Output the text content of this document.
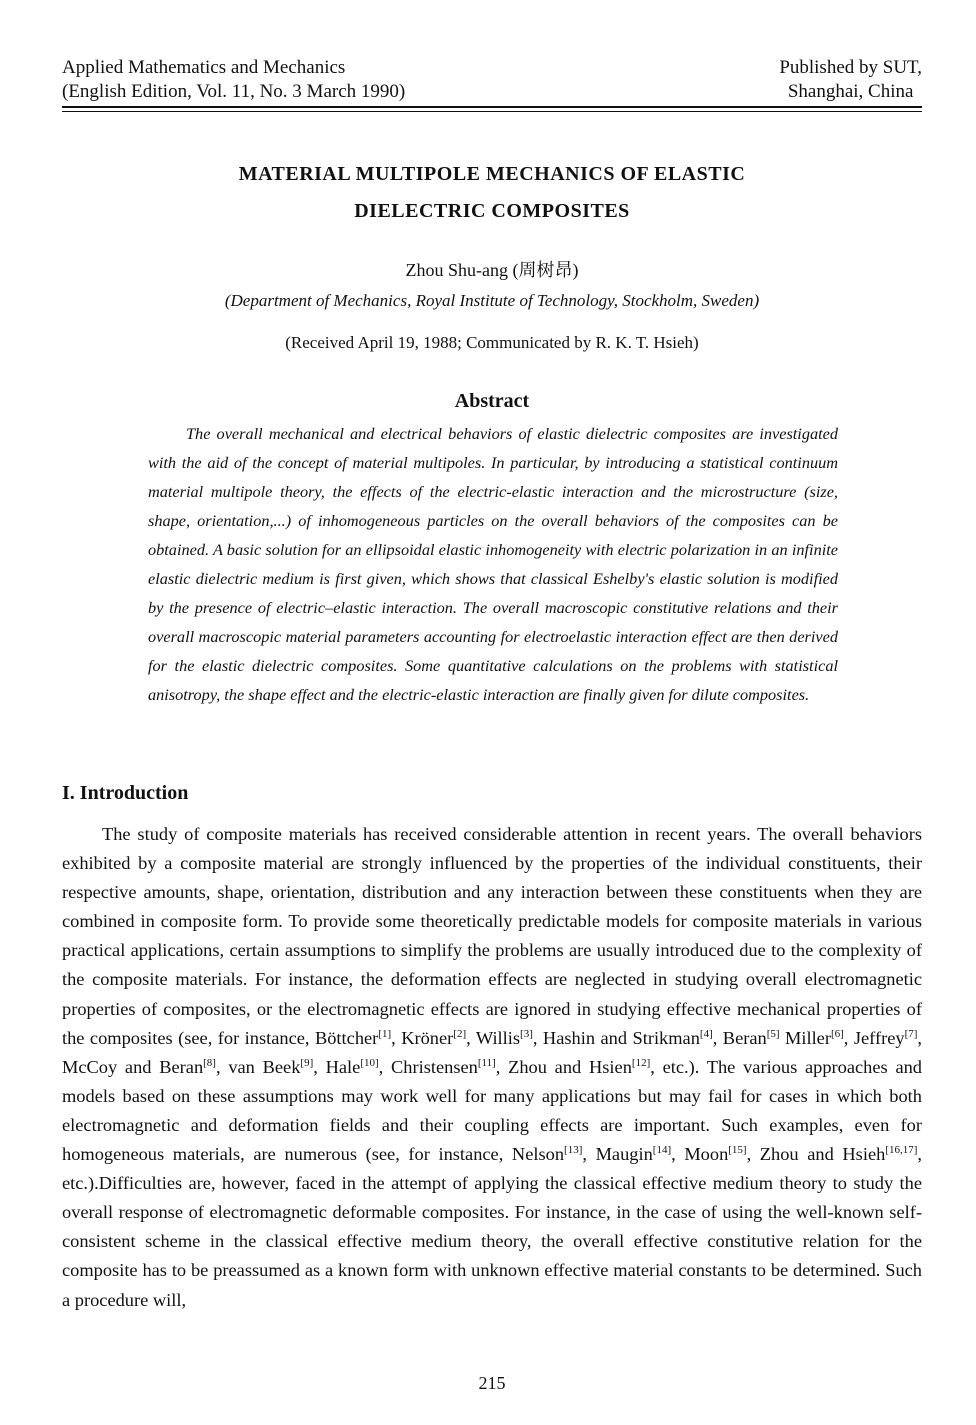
Applied Mathematics and Mechanics
(English Edition, Vol. 11, No. 3 March 1990)
Published by SUT,
Shanghai, China
MATERIAL MULTIPOLE MECHANICS OF ELASTIC
DIELECTRIC COMPOSITES
Zhou Shu-ang (周树昂)
(Department of Mechanics, Royal Institute of Technology, Stockholm, Sweden)
(Received April 19, 1988; Communicated by R. K. T. Hsieh)
Abstract
The overall mechanical and electrical behaviors of elastic dielectric composites are investigated with the aid of the concept of material multipoles. In particular, by introducing a statistical continuum material multipole theory, the effects of the electric-elastic interaction and the microstructure (size, shape, orientation,...) of inhomogeneous particles on the overall behaviors of the composites can be obtained. A basic solution for an ellipsoidal elastic inhomogeneity with electric polarization in an infinite elastic dielectric medium is first given, which shows that classical Eshelby's elastic solution is modified by the presence of electric–elastic interaction. The overall macroscopic constitutive relations and their overall macroscopic material parameters accounting for electroelastic interaction effect are then derived for the elastic dielectric composites. Some quantitative calculations on the problems with statistical anisotropy, the shape effect and the electric-elastic interaction are finally given for dilute composites.
I. Introduction
The study of composite materials has received considerable attention in recent years. The overall behaviors exhibited by a composite material are strongly influenced by the properties of the individual constituents, their respective amounts, shape, orientation, distribution and any interaction between these constituents when they are combined in composite form. To provide some theoretically predictable models for composite materials in various practical applications, certain assumptions to simplify the problems are usually introduced due to the complexity of the composite materials. For instance, the deformation effects are neglected in studying overall electromagnetic properties of composites, or the electromagnetic effects are ignored in studying effective mechanical properties of the composites (see, for instance, Böttcher[1], Kröner[2], Willis[3], Hashin and Strikman[4], Beran[5] Miller[6], Jeffrey[7], McCoy and Beran[8], van Beek[9], Hale[10], Christensen[11], Zhou and Hsien[12], etc.). The various approaches and models based on these assumptions may work well for many applications but may fail for cases in which both electromagnetic and deformation fields and their coupling effects are important. Such examples, even for homogeneous materials, are numerous (see, for instance, Nelson[13], Maugin[14], Moon[15], Zhou and Hsieh[16,17], etc.).Difficulties are, however, faced in the attempt of applying the classical effective medium theory to study the overall response of electromagnetic deformable composites. For instance, in the case of using the well-known self-consistent scheme in the classical effective medium theory, the overall effective constitutive relation for the composite has to be preassumed as a known form with unknown effective material constants to be determined. Such a procedure will,
215
